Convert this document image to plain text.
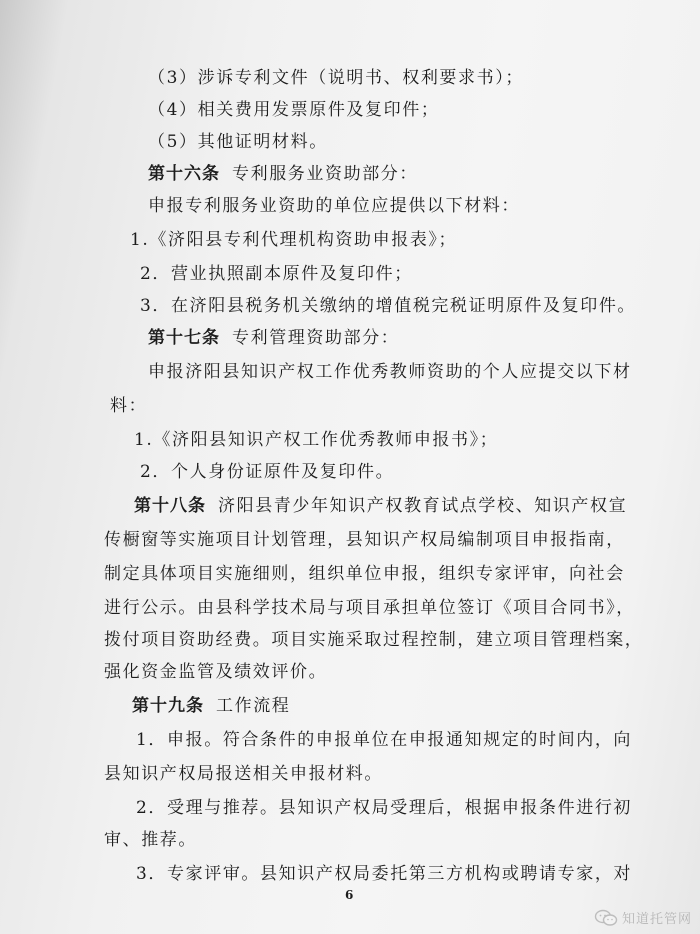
（3）涉诉专利文件（说明书、权利要求书）；
（4）相关费用发票原件及复印件；
（5）其他证明材料。
第十六条 专利服务业资助部分：
申报专利服务业资助的单位应提供以下材料：
1.《济阳县专利代理机构资助申报表》；
2．营业执照副本原件及复印件；
3．在济阳县税务机关缴纳的增值税完税证明原件及复印件。
第十七条 专利管理资助部分：
申报济阳县知识产权工作优秀教师资助的个人应提交以下材
料：
1.《济阳县知识产权工作优秀教师申报书》；
2．个人身份证原件及复印件。
第十八条 济阳县青少年知识产权教育试点学校、知识产权宣
传橱窗等实施项目计划管理，县知识产权局编制项目申报指南，
制定具体项目实施细则，组织单位申报，组织专家评审，向社会
进行公示。由县科学技术局与项目承担单位签订《项目合同书》，
拨付项目资助经费。项目实施采取过程控制，建立项目管理档案，
强化资金监管及绩效评价。
第十九条 工作流程
1．申报。符合条件的申报单位在申报通知规定的时间内，向
县知识产权局报送相关申报材料。
2．受理与推荐。县知识产权局受理后，根据申报条件进行初
审、推荐。
3．专家评审。县知识产权局委托第三方机构或聘请专家，对
6
知道托管网
